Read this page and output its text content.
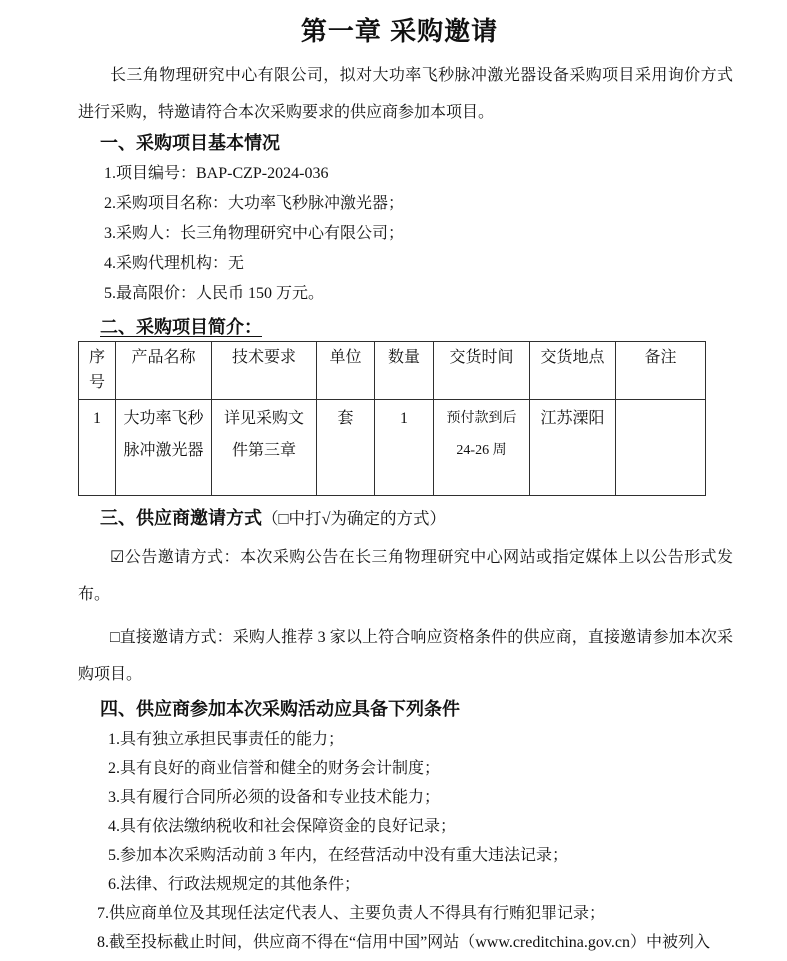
第一章 采购邀请

长三角物理研究中心有限公司，拟对大功率飞秒脉冲激光器设备采购项目采用询价方式进行采购，特邀请符合本次采购要求的供应商参加本项目。

一、采购项目基本情况
1.项目编号：BAP-CZP-2024-036
2.采购项目名称：大功率飞秒脉冲激光器；
3.采购人：长三角物理研究中心有限公司；
4.采购代理机构：无
5.最高限价：人民币 150 万元。
二、采购项目简介：
序号	产品名称	技术要求	单位	数量	交货时间	交货地点	备注
1	大功率飞秒脉冲激光器	详见采购文件第三章	套	1	预付款到后 24-26 周	江苏溧阳	
三、供应商邀请方式（□中打√为确定的方式）

☑公告邀请方式：本次采购公告在长三角物理研究中心网站或指定媒体上以公告形式发布。

□直接邀请方式：采购人推荐 3 家以上符合响应资格条件的供应商，直接邀请参加本次采购项目。

四、供应商参加本次采购活动应具备下列条件
1.具有独立承担民事责任的能力；
2.具有良好的商业信誉和健全的财务会计制度；
3.具有履行合同所必须的设备和专业技术能力；
4.具有依法缴纳税收和社会保障资金的良好记录；
5.参加本次采购活动前 3 年内，在经营活动中没有重大违法记录；
6.法律、行政法规规定的其他条件；
7.供应商单位及其现任法定代表人、主要负责人不得具有行贿犯罪记录；
8.截至投标截止时间，供应商不得在“信用中国”网站（www.creditchina.gov.cn）中被列入
